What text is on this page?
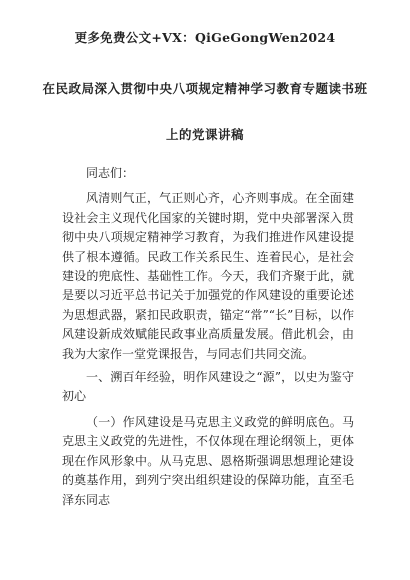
更多免费公文+VX：QiGeGongWen2024
在民政局深入贯彻中央八项规定精神学习教育专题读书班
上的党课讲稿

同志们：

风清则气正，气正则心齐，心齐则事成。在全面建设社会主义现代化国家的关键时期，党中央部署深入贯彻中央八项规定精神学习教育，为我们推进作风建设提供了根本遵循。民政工作关系民生、连着民心，是社会建设的兜底性、基础性工作。今天，我们齐聚于此，就是要以习近平总书记关于加强党的作风建设的重要论述为思想武器，紧扣民政职责，锚定“常”“长”目标，以作风建设新成效赋能民政事业高质量发展。借此机会，由我为大家作一堂党课报告，与同志们共同交流。

一、溯百年经验，明作风建设之“源”，以史为鉴守初心

（一）作风建设是马克思主义政党的鲜明底色。马克思主义政党的先进性，不仅体现在理论纲领上，更体现在作风形象中。从马克思、恩格斯强调思想理论建设的奠基作用，到列宁突出组织建设的保障功能，直至毛泽东同志
